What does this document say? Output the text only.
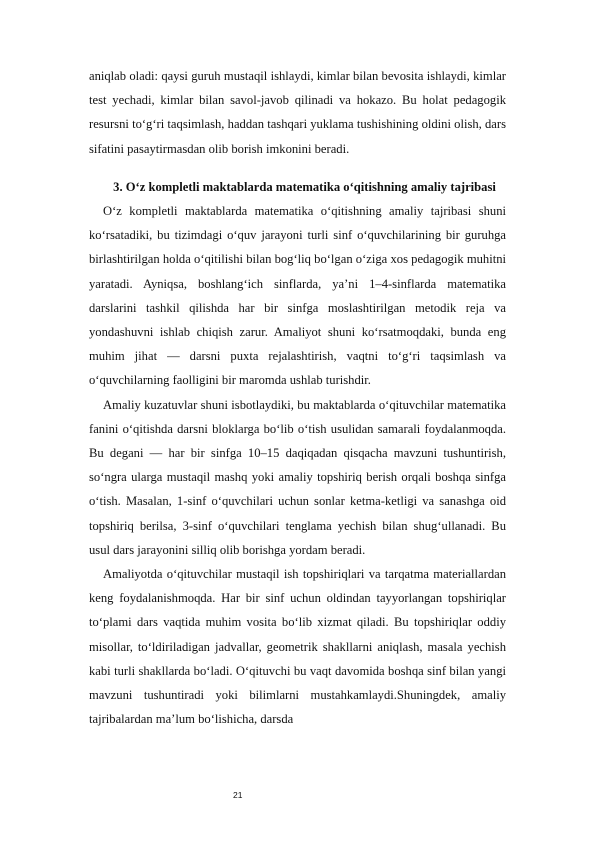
aniqlab oladi: qaysi guruh mustaqil ishlaydi, kimlar bilan bevosita ishlaydi, kimlar test yechadi, kimlar bilan savol-javob qilinadi va hokazo. Bu holat pedagogik resursni to‘g‘ri taqsimlash, haddan tashqari yuklama tushishining oldini olish, dars sifatini pasaytirmasdan olib borish imkonini beradi.

3. O‘z kompletli maktablarda matematika o‘qitishning amaliy tajribasi

O‘z kompletli maktablarda matematika o‘qitishning amaliy tajribasi shuni ko‘rsatadiki, bu tizimdagi o‘quv jarayoni turli sinf o‘quvchilarining bir guruhga birlashtirilgan holda o‘qitilishi bilan bog‘liq bo‘lgan o‘ziga xos pedagogik muhitni yaratadi. Ayniqsa, boshlang‘ich sinflarda, ya’ni 1–4-sinflarda matematika darslarini tashkil qilishda har bir sinfga moslashtirilgan metodik reja va yondashuvni ishlab chiqish zarur. Amaliyot shuni ko‘rsatmoqdaki, bunda eng muhim jihat — darsni puxta rejalashtirish, vaqtni to‘g‘ri taqsimlash va o‘quvchilarning faolligini bir maromda ushlab turishdir.

Amaliy kuzatuvlar shuni isbotlaydiki, bu maktablarda o‘qituvchilar matematika fanini o‘qitishda darsni bloklarga bo‘lib o‘tish usulidan samarali foydalanmoqda. Bu degani — har bir sinfga 10–15 daqiqadan qisqacha mavzuni tushuntirish, so‘ngra ularga mustaqil mashq yoki amaliy topshiriq berish orqali boshqa sinfga o‘tish. Masalan, 1-sinf o‘quvchilari uchun sonlar ketma-ketligi va sanashga oid topshiriq berilsa, 3-sinf o‘quvchilari tenglama yechish bilan shug‘ullanadi. Bu usul dars jarayonini silliq olib borishga yordam beradi.

Amaliyotda o‘qituvchilar mustaqil ish topshiriqlari va tarqatma materiallardan keng foydalanishmoqda. Har bir sinf uchun oldindan tayyorlangan topshiriqlar to‘plami dars vaqtida muhim vosita bo‘lib xizmat qiladi. Bu topshiriqlar oddiy misollar, to‘ldiriladigan jadvallar, geometrik shakllarni aniqlash, masala yechish kabi turli shakllarda bo‘ladi. O‘qituvchi bu vaqt davomida boshqa sinf bilan yangi mavzuni tushuntiradi yoki bilimlarni mustahkamlaydi.Shuningdek, amaliy tajribalardan ma’lum bo‘lishicha, darsda

21
